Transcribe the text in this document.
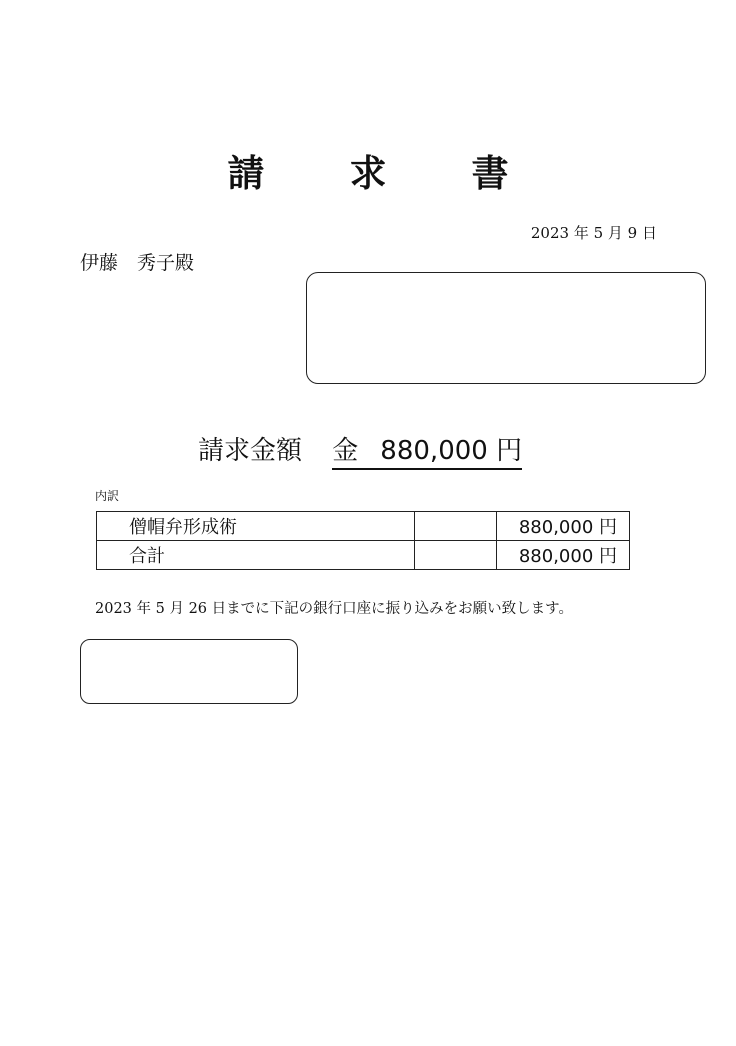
請　求　書
2023 年 5 月 9 日
伊藤　秀子殿
請求金額 金 880,000 円
内訳
僧帽弁形成術		880,000 円
合計		880,000 円
2023 年 5 月 26 日までに下記の銀行口座に振り込みをお願い致します。
